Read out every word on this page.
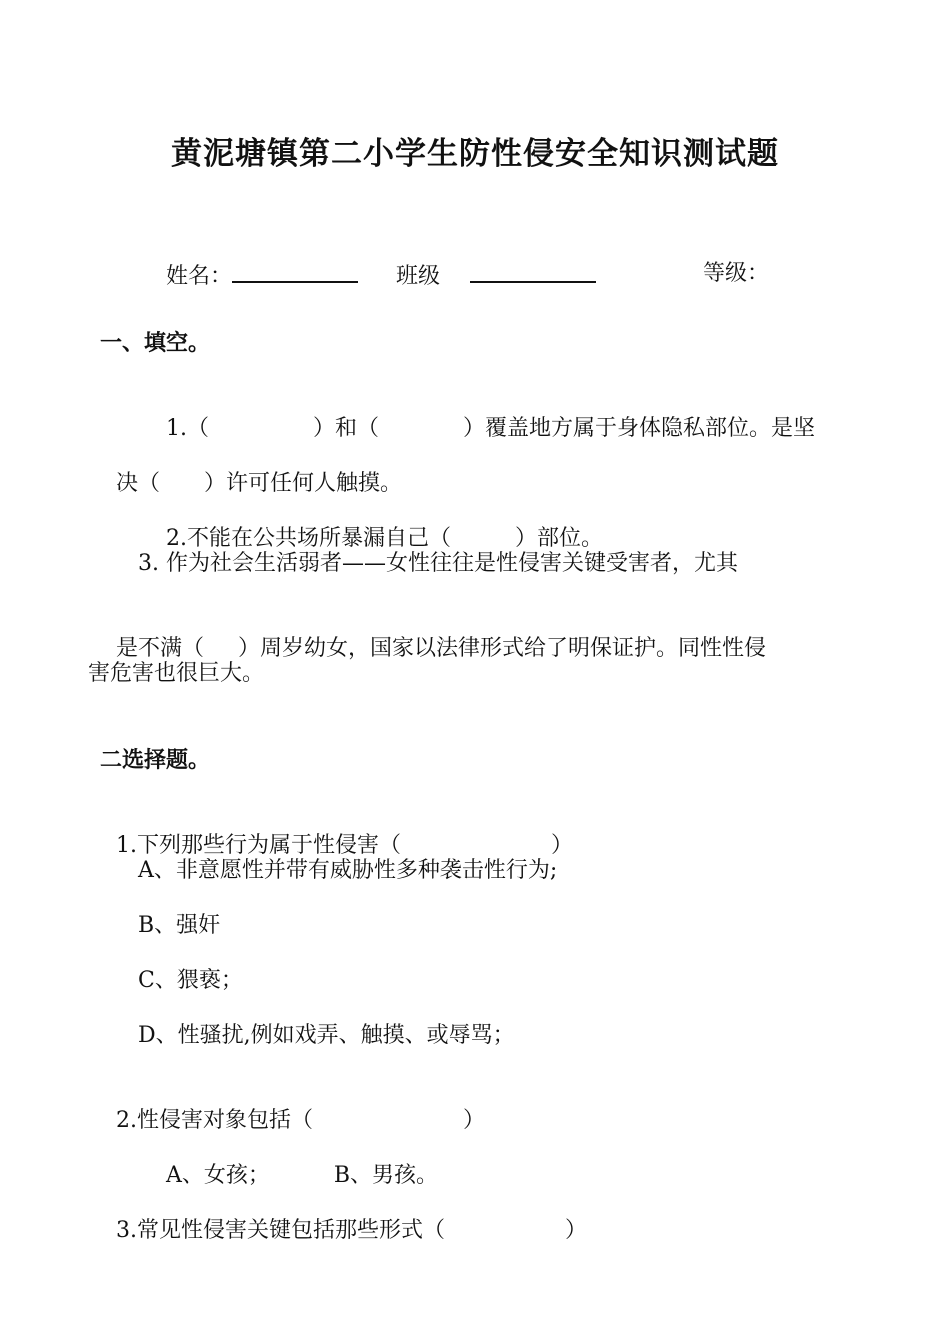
黄泥塘镇第二小学生防性侵安全知识测试题

姓名：
	班级
	等级：

一、填空。

1.（	）和（	）覆盖地方属于身体隐私部位。是坚

决（ ）许可任何人触摸。

2.不能在公共场所暴漏自己（	）部位。

3. 作为社会生活弱者——女性往往是性侵害关键受害者，尤其

是不满（ ）周岁幼女，国家以法律形式给了明保证护。同性性侵

害危害也很巨大。
二选择题。

1.下列那些行为属于性侵害（	）

A、非意愿性并带有威胁性多种袭击性行为;
B、强奸
C、猥亵；
D、性骚扰,例如戏弄、触摸、或辱骂；

2.性侵害对象包括（	）

A、女孩；	B、男孩。

3.常见性侵害关键包括那些形式（	）
